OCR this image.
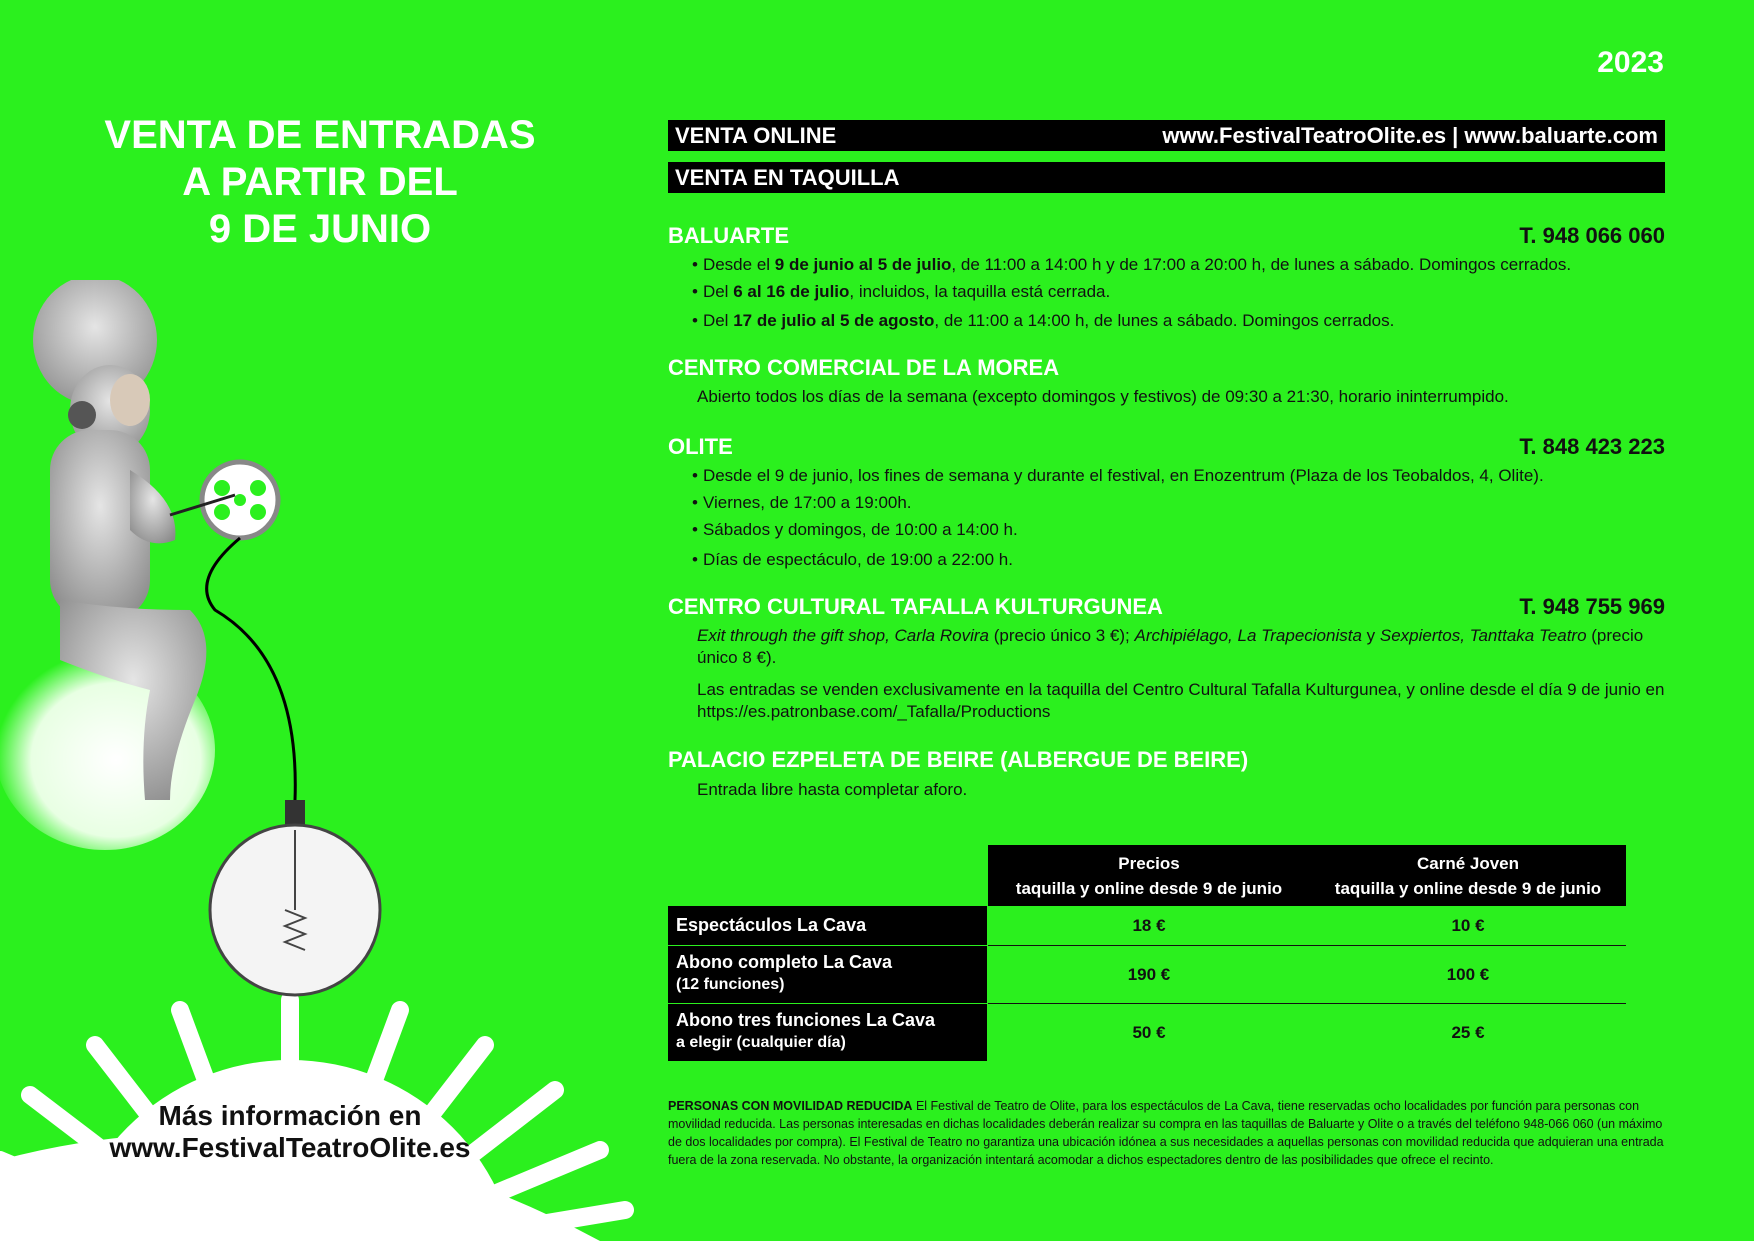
2023
VENTA DE ENTRADAS
A PARTIR DEL
9 DE JUNIO
VENTA ONLINE	www.FestivalTeatroOlite.es | www.baluarte.com
VENTA EN TAQUILLA
BALUARTE	T. 948 066 060
• Desde el 9 de junio al 5 de julio, de 11:00 a 14:00 h y de 17:00 a 20:00 h, de lunes a sábado. Domingos cerrados.
• Del 6 al 16 de julio, incluidos, la taquilla está cerrada.
• Del 17 de julio al 5 de agosto, de 11:00 a 14:00 h, de lunes a sábado. Domingos cerrados.
CENTRO COMERCIAL DE LA MOREA
Abierto todos los días de la semana (excepto domingos y festivos) de 09:30 a 21:30, horario ininterrumpido.
OLITE	T. 848 423 223
• Desde el 9 de junio, los fines de semana y durante el festival, en Enozentrum (Plaza de los Teobaldos, 4, Olite).
• Viernes, de 17:00 a 19:00h.
• Sábados y domingos, de 10:00 a 14:00 h.
• Días de espectáculo, de 19:00 a 22:00 h.
CENTRO CULTURAL TAFALLA KULTURGUNEA	T. 948 755 969
Exit through the gift shop, Carla Rovira (precio único 3 €); Archipiélago, La Trapecionista y Sexpiertos, Tanttaka Teatro (precio único 8 €).
Las entradas se venden exclusivamente en la taquilla del Centro Cultural Tafalla Kulturgunea, y online desde el día 9 de junio en https://es.patronbase.com/_Tafalla/Productions
PALACIO EZPELETA DE BEIRE (ALBERGUE DE BEIRE)
Entrada libre hasta completar aforo.
Precios
taquilla y online desde 9 de junio
Carné Joven
taquilla y online desde 9 de junio
Espectáculos La Cava	18 €	10 €
Abono completo La Cava
(12 funciones)
190 €	100 €
Abono tres funciones La Cava
a elegir (cualquier día)
50 €	25 €
PERSONAS CON MOVILIDAD REDUCIDA El Festival de Teatro de Olite, para los espectáculos de La Cava, tiene reservadas ocho localidades por función para personas con movilidad reducida. Las personas interesadas en dichas localidades deberán realizar su compra en las taquillas de Baluarte y Olite o a través del teléfono 948-066 060 (un máximo de dos localidades por compra). El Festival de Teatro no garantiza una ubicación idónea a sus necesidades a aquellas personas con movilidad reducida que adquieran una entrada fuera de la zona reservada. No obstante, la organización intentará acomodar a dichos espectadores dentro de las posibilidades que ofrece el recinto.
Más información en
www.FestivalTeatroOlite.es
